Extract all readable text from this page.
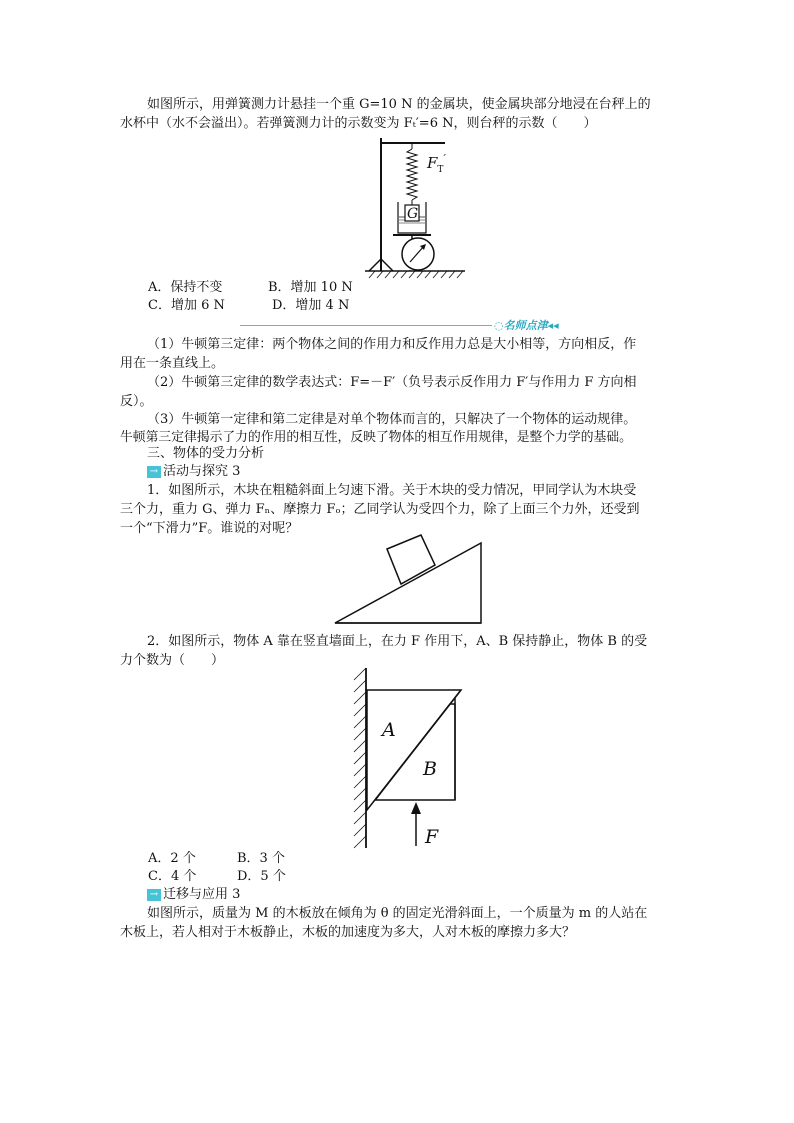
如图所示，用弹簧测力计悬挂一个重 G=10 N 的金属块，使金属块部分地浸在台秤上的
水杯中（水不会溢出）。若弹簧测力计的示数变为 Fₜ′=6 N，则台秤的示数（　　）
$F_T'$
G
A．保持不变	B．增加 10 N
C．增加 6 N	D．增加 4 N
◌名师点津◂◂
（1）牛顿第三定律：两个物体之间的作用力和反作用力总是大小相等，方向相反，作
用在一条直线上。
（2）牛顿第三定律的数学表达式：F=－F′（负号表示反作用力 F′与作用力 F 方向相
反）。
（3）牛顿第一定律和第二定律是对单个物体而言的，只解决了一个物体的运动规律。
牛顿第三定律揭示了力的作用的相互性，反映了物体的相互作用规律，是整个力学的基础。
三、物体的受力分析
→ 活动与探究 3
1．如图所示，木块在粗糙斜面上匀速下滑。关于木块的受力情况，甲同学认为木块受
三个力，重力 G、弹力 Fₙ、摩擦力 Fₒ；乙同学认为受四个力，除了上面三个力外，还受到
一个“下滑力”F。谁说的对呢？
2．如图所示，物体 A 靠在竖直墙面上，在力 F 作用下，A、B 保持静止，物体 B 的受
力个数为（　　）
A
B
F
A．2 个	B．3 个
C．4 个	D．5 个
→ 迁移与应用 3
如图所示，质量为 M 的木板放在倾角为 θ 的固定光滑斜面上，一个质量为 m 的人站在
木板上，若人相对于木板静止，木板的加速度为多大，人对木板的摩擦力多大？
